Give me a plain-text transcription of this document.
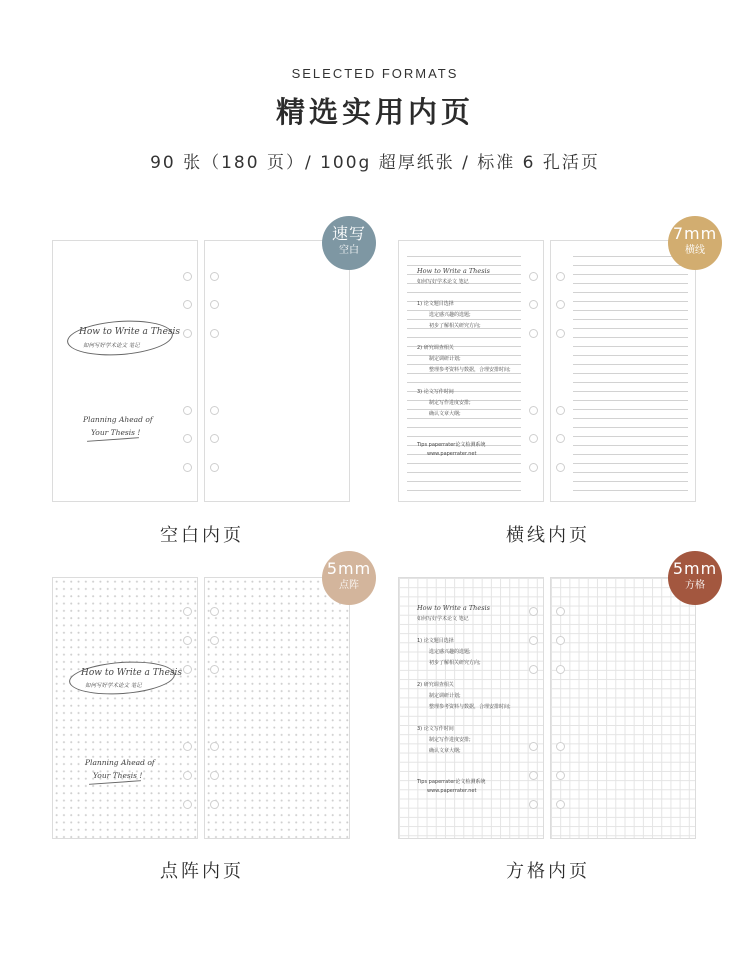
SELECTED FORMATS
精选实用内页
90 张（180 页）/ 100g 超厚纸张 / 标准 6 孔活页
How to Write a Thesis
如何写好学术论文 笔记
Planning Ahead of
Your Thesis !
速写
空白
空白内页
How to Write a Thesis
如何写好学术论文 笔记
1) 论文题目选择
选定感兴趣的选题;
初步了解相关研究方向;
2) 研究调查相关
制定调研计划;
整理参考资料与数据，合理安排时间;
3) 论文写作时间
制定写作进度安排;
确认文章大纲;
Tips paperrater论文检测系统
www.paperrater.net
7mm
横线
横线内页
How to Write a Thesis
如何写好学术论文 笔记
Planning Ahead of
Your Thesis !
5mm
点阵
点阵内页
How to Write a Thesis
如何写好学术论文 笔记
1) 论文题目选择
选定感兴趣的选题;
初步了解相关研究方向;
2) 研究调查相关
制定调研计划;
整理参考资料与数据，合理安排时间;
3) 论文写作时间
制定写作进度安排;
确认文章大纲;
Tips paperrater论文检测系统
www.paperrater.net
5mm
方格
方格内页
